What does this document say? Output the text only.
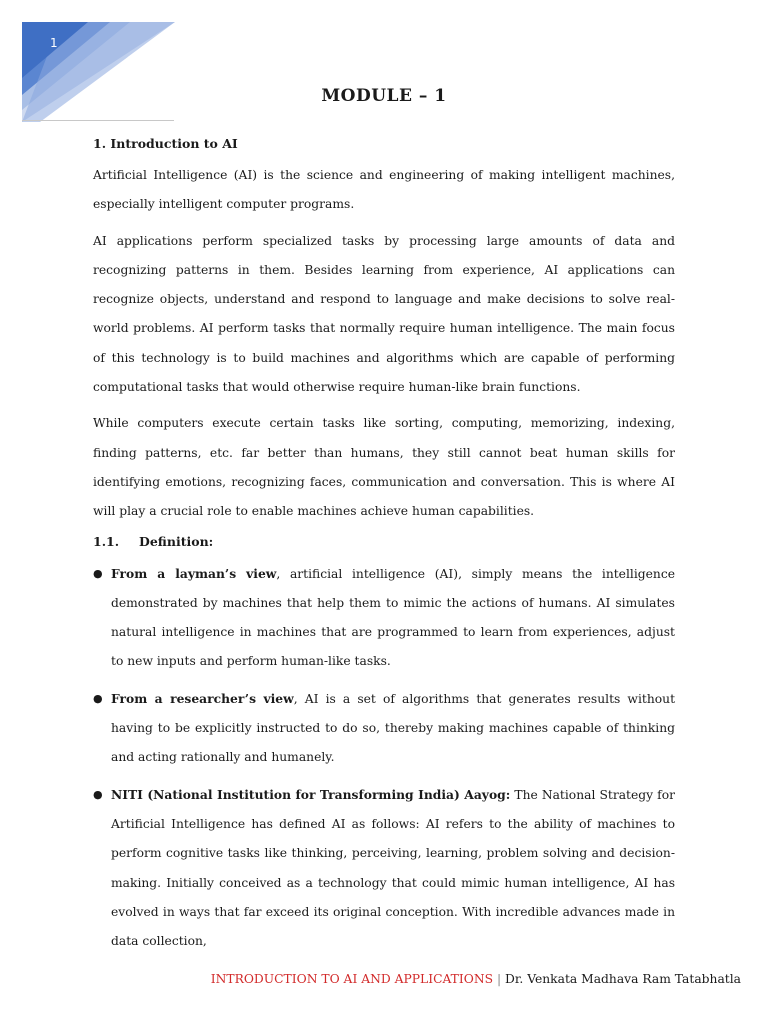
1
MODULE – 1
1. Introduction to AI

Artificial Intelligence (AI) is the science and engineering of making intelligent machines, especially intelligent computer programs.

AI applications perform specialized tasks by processing large amounts of data and recognizing patterns in them. Besides learning from experience, AI applications can recognize objects, understand and respond to language and make decisions to solve real-world problems. AI perform tasks that normally require human intelligence. The main focus of this technology is to build machines and algorithms which are capable of performing computational tasks that would otherwise require human-like brain functions.

While computers execute certain tasks like sorting, computing, memorizing, indexing, finding patterns, etc. far better than humans, they still cannot beat human skills for identifying emotions, recognizing faces, communication and conversation. This is where AI will play a crucial role to enable machines achieve human capabilities.

1.1.	Definition:
● From a layman’s view, artificial intelligence (AI), simply means the intelligence demonstrated by machines that help them to mimic the actions of humans. AI simulates natural intelligence in machines that are programmed to learn from experiences, adjust to new inputs and perform human-like tasks.
● From a researcher’s view, AI is a set of algorithms that generates results without having to be explicitly instructed to do so, thereby making machines capable of thinking and acting rationally and humanely.
● NITI (National Institution for Transforming India) Aayog: The National Strategy for Artificial Intelligence has defined AI as follows: AI refers to the ability of machines to perform cognitive tasks like thinking, perceiving, learning, problem solving and decision-making. Initially conceived as a technology that could mimic human intelligence, AI has evolved in ways that far exceed its original conception. With incredible advances made in data collection,
INTRODUCTION TO AI AND APPLICATIONS | Dr. Venkata Madhava Ram Tatabhatla
